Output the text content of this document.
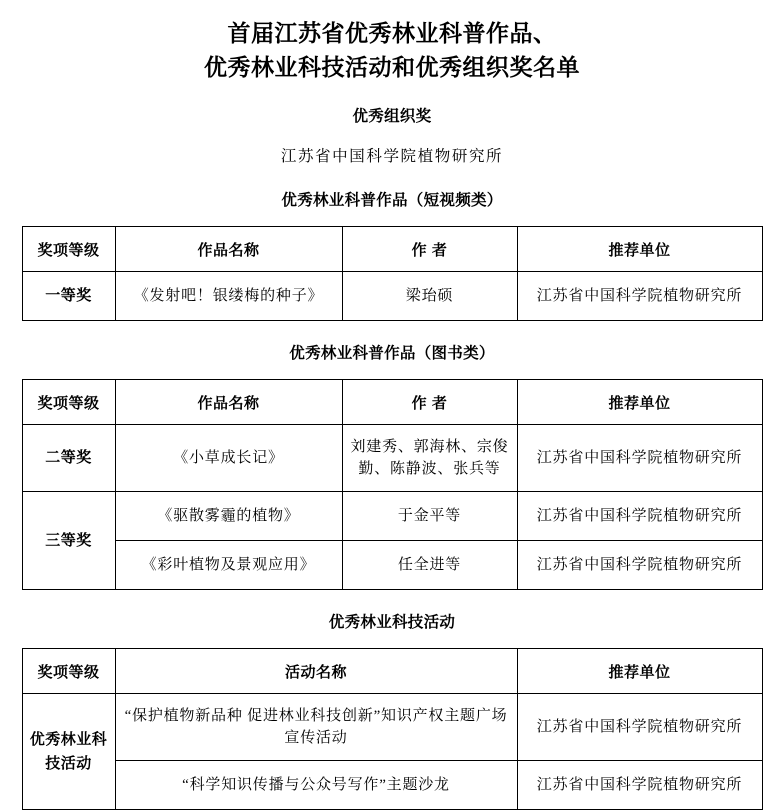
首届江苏省优秀林业科普作品、
优秀林业科技活动和优秀组织奖名单
优秀组织奖
江苏省中国科学院植物研究所
优秀林业科普作品（短视频类）
奖项等级	作品名称	作 者	推荐单位
一等奖	《发射吧！银缕梅的种子》	梁珆硕	江苏省中国科学院植物研究所
优秀林业科普作品（图书类）
奖项等级	作品名称	作 者	推荐单位
二等奖	《小草成长记》	刘建秀、郭海林、宗俊勤、陈静波、张兵等	江苏省中国科学院植物研究所
三等奖	《驱散雾霾的植物》	于金平等	江苏省中国科学院植物研究所
	《彩叶植物及景观应用》	任全进等	江苏省中国科学院植物研究所
优秀林业科技活动
奖项等级	活动名称	推荐单位
优秀林业科技活动	“保护植物新品种 促进林业科技创新”知识产权主题广场宣传活动	江苏省中国科学院植物研究所
	“科学知识传播与公众号写作”主题沙龙	江苏省中国科学院植物研究所
